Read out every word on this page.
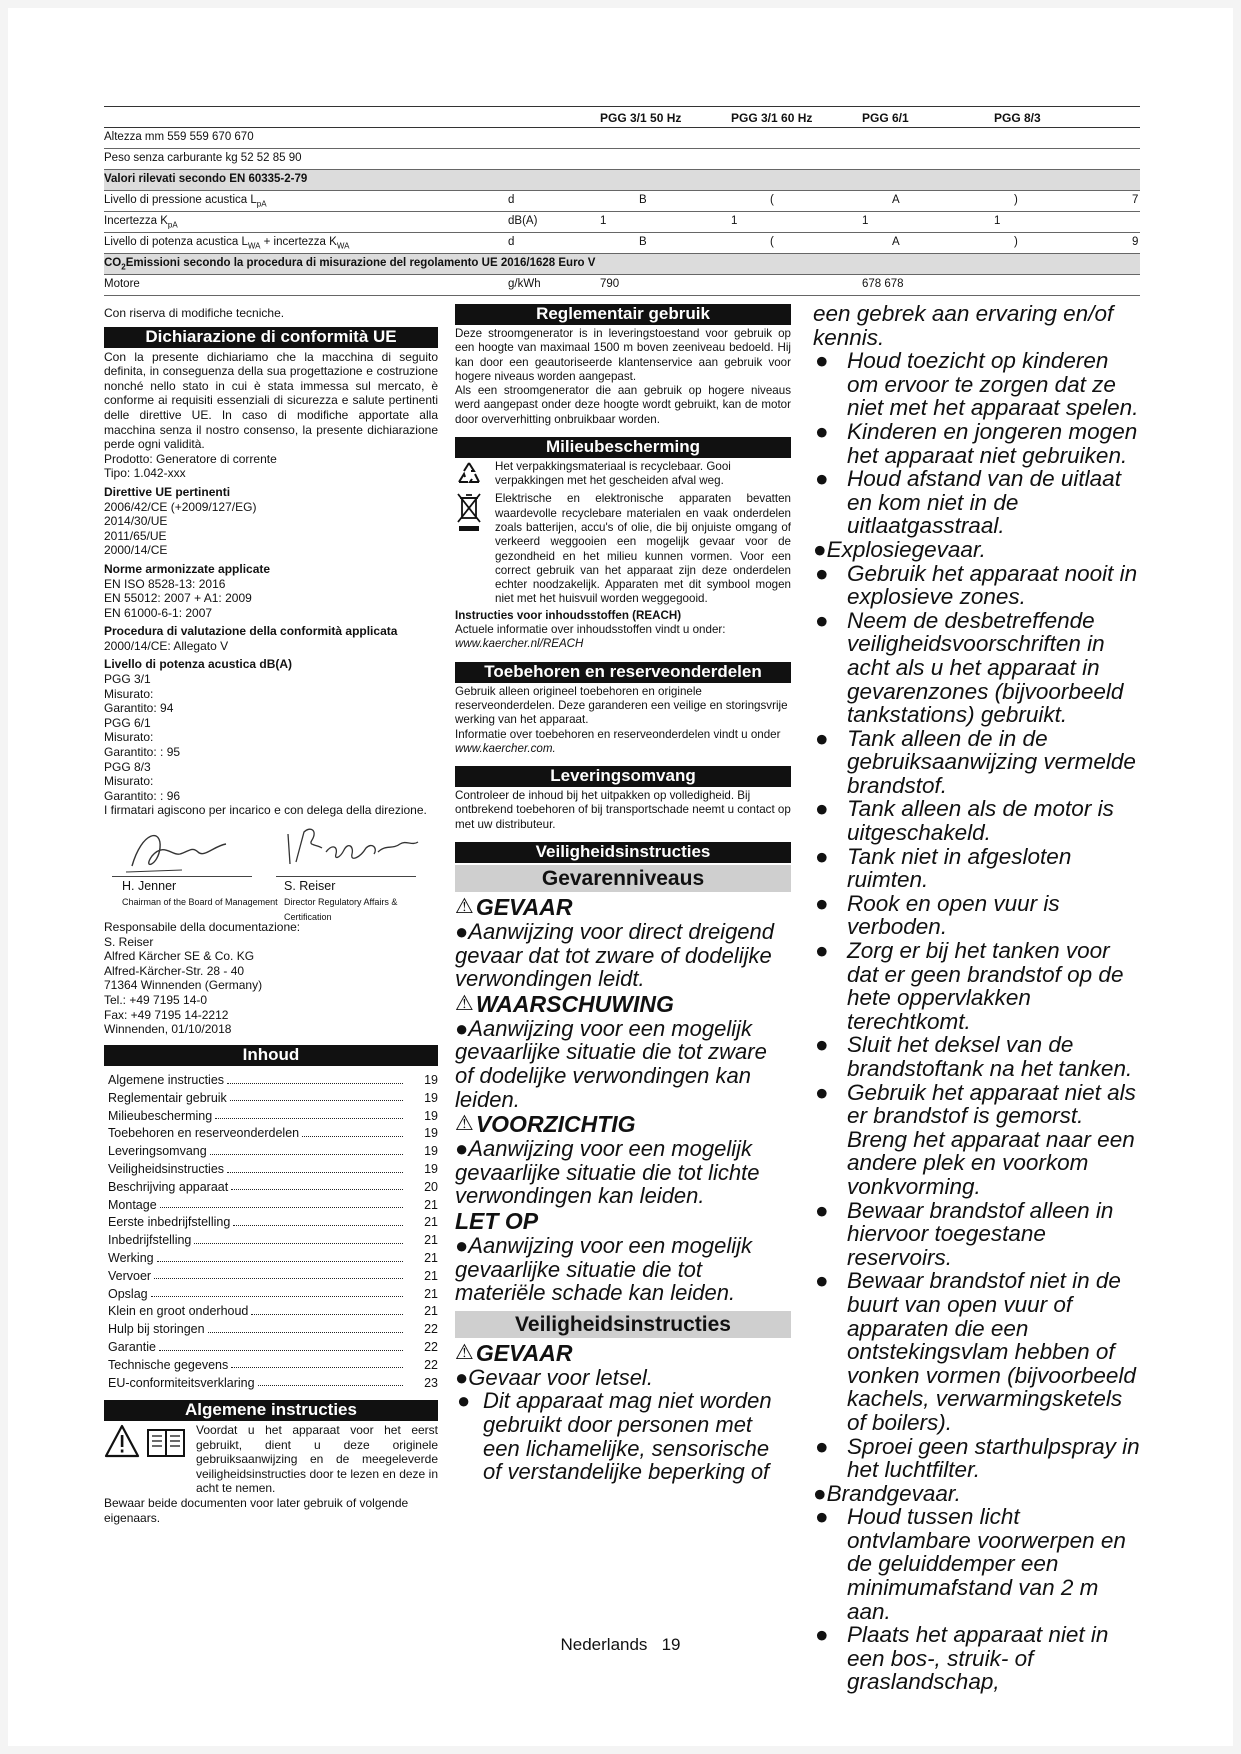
PGG 3/1 50 Hz	PGG 3/1 60 Hz	PGG 6/1	PGG 8/3
Altezza mm 559 559 670 670
Peso senza carburante kg 52 52 85 90
Valori rilevati secondo EN 60335-2-79
Livello di pressione acustica $L_{pA}$	d	B	(	A	)	7
Incertezza $K_{pA}$	dB(A)	1	1	1	1
Livello di potenza acustica $L_{WA}$ + incertezza $K_{WA}$	d	B	(	A	)	9
$CO_2Emissioni$ secondo la procedura di misurazione del regolamento UE 2016/1628 Euro V
Motore	g/kWh	790	678 678

Con riserva di modifiche tecniche.

Dichiarazione di conformità UE

Con la presente dichiariamo che la macchina di seguito definita, in conseguenza della sua progettazione e costruzione nonché nello stato in cui è stata immessa sul mercato, è conforme ai requisiti essenziali di sicurezza e salute pertinenti delle direttive UE. In caso di modifiche apportate alla macchina senza il nostro consenso, la presente dichiarazione perde ogni validità.

Prodotto: Generatore di corrente

Tipo: 1.042-xxx

Direttive UE pertinenti

2006/42/CE (+2009/127/EG)

2014/30/UE

2011/65/UE

2000/14/CE

Norme armonizzate applicate

EN ISO 8528-13: 2016

EN 55012: 2007 + A1: 2009

EN 61000-6-1: 2007

Procedura di valutazione della conformità applicata

2000/14/CE: Allegato V

Livello di potenza acustica dB(A)

PGG 3/1

Misurato:

Garantito: 94

PGG 6/1

Misurato:

Garantito: : 95

PGG 8/3

Misurato:

Garantito: : 96

I firmatari agiscono per incarico e con delega della direzione.

H. Jenner
Chairman of the Board of Management
S. Reiser
Director Regulatory Affairs & Certification

Responsabile della documentazione:

S. Reiser

Alfred Kärcher SE & Co. KG

Alfred-Kärcher-Str. 28 - 40

71364 Winnenden (Germany)

Tel.: +49 7195 14-0

Fax: +49 7195 14-2212

Winnenden, 01/10/2018

Inhoud
Algemene instructies	19
Reglementair gebruik	19
Milieubescherming	19
Toebehoren en reserveonderdelen	19
Leveringsomvang	19
Veiligheidsinstructies	19
Beschrijving apparaat	20
Montage	21
Eerste inbedrijfstelling	21
Inbedrijfstelling	21
Werking	21
Vervoer	21
Opslag	21
Klein en groot onderhoud	21
Hulp bij storingen	22
Garantie	22
Technische gegevens	22
EU-conformiteitsverklaring	23
Algemene instructies

Voordat u het apparaat voor het eerst gebruikt, dient u deze originele gebruiksaanwijzing en de meegeleverde veiligheidsinstructies door te lezen en deze in acht te nemen.

Bewaar beide documenten voor later gebruik of volgende eigenaars.

Reglementair gebruik

Deze stroomgenerator is in leveringstoestand voor gebruik op een hoogte van maximaal 1500 m boven zeeniveau bedoeld. Hij kan door een geautoriseerde klantenservice aan gebruik voor hogere niveaus worden aangepast.

Als een stroomgenerator die aan gebruik op hogere niveaus werd aangepast onder deze hoogte wordt gebruikt, kan de motor door oververhitting onbruikbaar worden.

Milieubescherming

Het verpakkingsmateriaal is recyclebaar. Gooi verpakkingen met het gescheiden afval weg.

Elektrische en elektronische apparaten bevatten waardevolle recyclebare materialen en vaak onderdelen zoals batterijen, accu's of olie, die bij onjuiste omgang of verkeerd weggooien een mogelijk gevaar voor de gezondheid en het milieu kunnen vormen. Voor een correct gebruik van het apparaat zijn deze onderdelen echter noodzakelijk. Apparaten met dit symbool mogen niet met het huisvuil worden weggegooid.

Instructies voor inhoudsstoffen (REACH)

Actuele informatie over inhoudsstoffen vindt u onder:

www.kaercher.nl/REACH

Toebehoren en reserveonderdelen

Gebruik alleen origineel toebehoren en originele reserveonderdelen. Deze garanderen een veilige en storingsvrije werking van het apparaat.

Informatie over toebehoren en reserveonderdelen vindt u onder www.kaercher.com.

Leveringsomvang

Controleer de inhoud bij het uitpakken op volledigheid. Bij ontbrekend toebehoren of bij transportschade neemt u contact op met uw distributeur.

Veiligheidsinstructies
Gevarenniveaus
⚠ GEVAAR

●Aanwijzing voor direct dreigend gevaar dat tot zware of dodelijke verwondingen leidt.

⚠ WAARSCHUWING

●Aanwijzing voor een mogelijk gevaarlijke situatie die tot zware of dodelijke verwondingen kan leiden.

⚠ VOORZICHTIG

●Aanwijzing voor een mogelijk gevaarlijke situatie die tot lichte verwondingen kan leiden.

LET OP

●Aanwijzing voor een mogelijk gevaarlijke situatie die tot materiële schade kan leiden.

Veiligheidsinstructies
⚠ GEVAAR

●Gevaar voor letsel.

● Dit apparaat mag niet worden gebruikt door personen met een lichamelijke, sensorische of verstandelijke beperking of

een gebrek aan ervaring en/of kennis.

● Houd toezicht op kinderen om ervoor te zorgen dat ze niet met het apparaat spelen.
● Kinderen en jongeren mogen het apparaat niet gebruiken.
● Houd afstand van de uitlaat en kom niet in de uitlaatgasstraal.
●Explosiegevaar.
● Gebruik het apparaat nooit in explosieve zones.
● Neem de desbetreffende veiligheidsvoorschriften in acht als u het apparaat in gevarenzones (bijvoorbeeld tankstations) gebruikt.
● Tank alleen de in de gebruiksaanwijzing vermelde brandstof.
● Tank alleen als de motor is uitgeschakeld.
● Tank niet in afgesloten ruimten.
● Rook en open vuur is verboden.
● Zorg er bij het tanken voor dat er geen brandstof op de hete oppervlakken terechtkomt.
● Sluit het deksel van de brandstoftank na het tanken.
● Gebruik het apparaat niet als er brandstof is gemorst. Breng het apparaat naar een andere plek en voorkom vonkvorming.
● Bewaar brandstof alleen in hiervoor toegestane reservoirs.
● Bewaar brandstof niet in de buurt van open vuur of apparaten die een ontstekingsvlam hebben of vonken vormen (bijvoorbeeld kachels, verwarmingsketels of boilers).
● Sproei geen starthulpspray in het luchtfilter.
●Brandgevaar.
● Houd tussen licht ontvlambare voorwerpen en de geluiddemper een minimumafstand van 2 m aan.
● Plaats het apparaat niet in een bos-, struik- of graslandschap,
Nederlands   19
